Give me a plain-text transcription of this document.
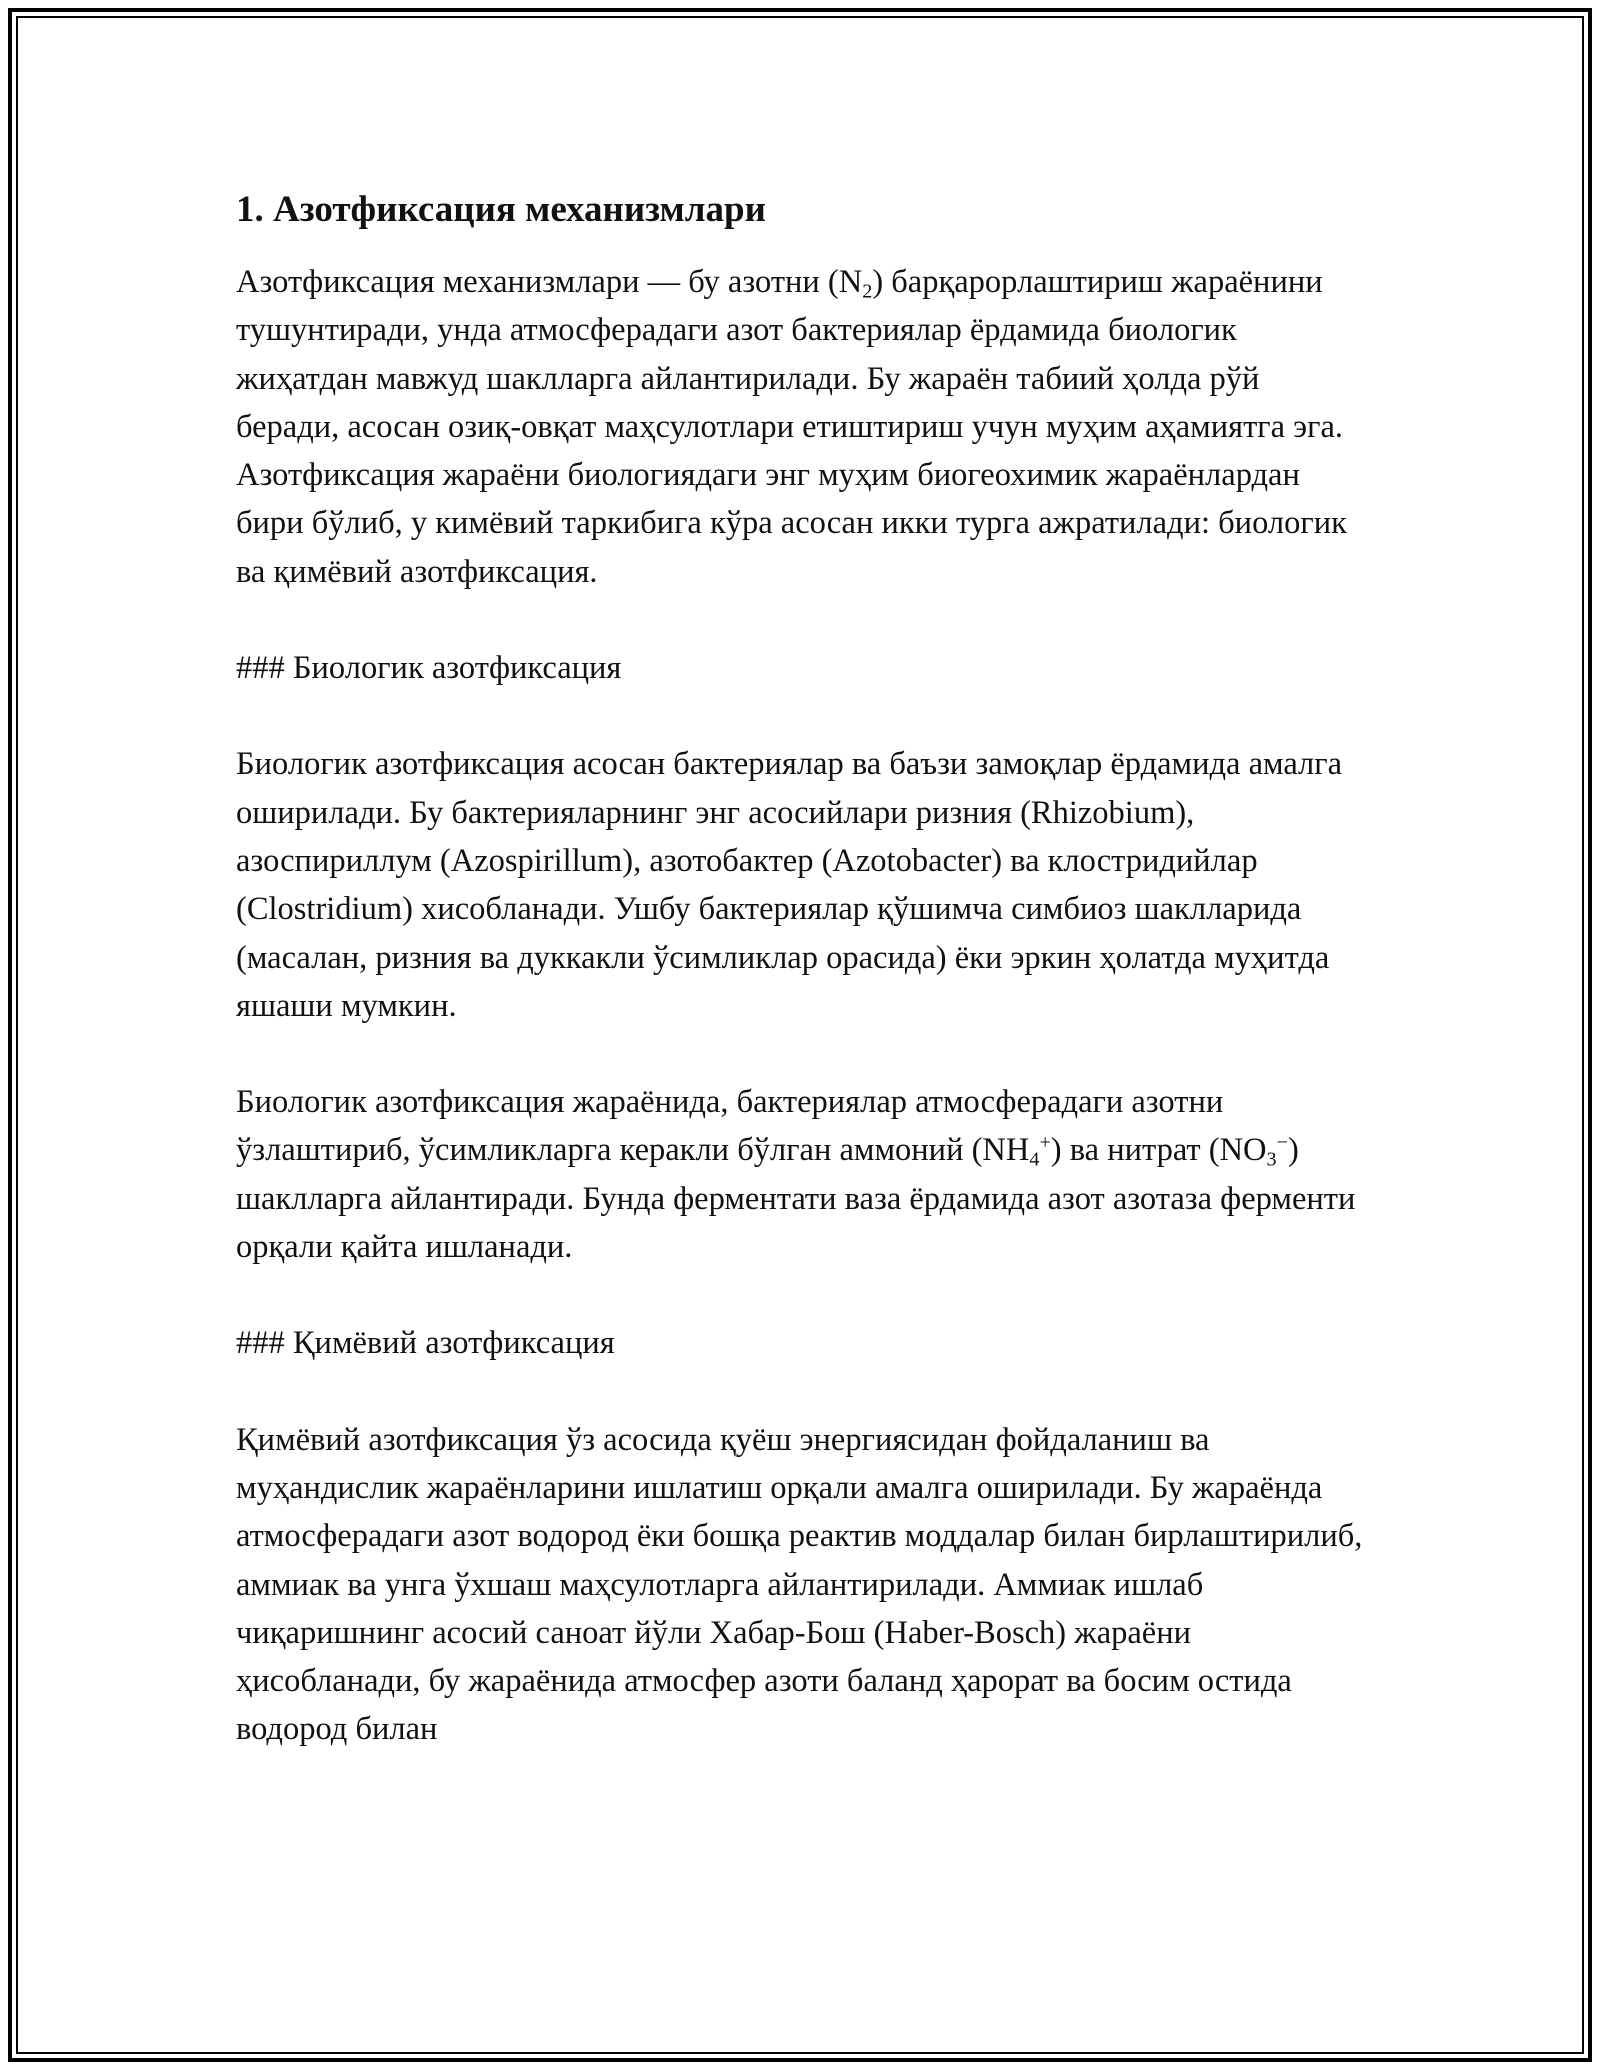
1. Азотфиксация механизмлари

Азотфиксация механизмлари — бу азотни $(N_2)$ барқарорлаштириш жараёнини тушунтиради, унда атмосферадаги азот бактериялар ёрдамида биологик жиҳатдан мавжуд шаклларга айлантирилади. Бу жараён табиий ҳолда рўй беради, асосан озиқ-овқат маҳсулотлари етиштириш учун муҳим аҳамиятга эга. Азотфиксация жараёни биологиядаги энг муҳим биогеохимик жараёнлардан бири бўлиб, у кимёвий таркибига кўра асосан икки турга ажратилади: биологик ва қимёвий азотфиксация.

### Биологик азотфиксация

Биологик азотфиксация асосан бактериялар ва баъзи замоқлар ёрдамида амалга оширилади. Бу бактерияларнинг энг асосийлари ризния (Rhizobium), азоспириллум (Azospirillum), азотобактер (Azotobacter) ва клостридийлар (Clostridium) хисобланади. Ушбу бактериялар қўшимча симбиоз шаклларида (масалан, ризния ва дуккакли ўсимликлар орасида) ёки эркин ҳолатда муҳитда яшаши мумкин.

Биологик азотфиксация жараёнида, бактериялар атмосферадаги азотни ўзлаштириб, ўсимликларга керакли бўлган аммоний $(NH_4^+)$ ва нитрат $(NO_3^-)$ шаклларга айлантиради. Бунда ферментати ваза ёрдамида азот азотаза ферменти орқали қайта ишланади.

### Қимёвий азотфиксация

Қимёвий азотфиксация ўз асосида қуёш энергиясидан фойдаланиш ва муҳандислик жараёнларини ишлатиш орқали амалга оширилади. Бу жараёнда атмосферадаги азот водород ёки бошқа реактив моддалар билан бирлаштирилиб, аммиак ва унга ўхшаш маҳсулотларга айлантирилади. Аммиак ишлаб чиқаришнинг асосий саноат йўли Хабар-Бош (Haber-Bosch) жараёни ҳисобланади, бу жараёнида атмосфер азоти баланд ҳарорат ва босим остида водород билан
